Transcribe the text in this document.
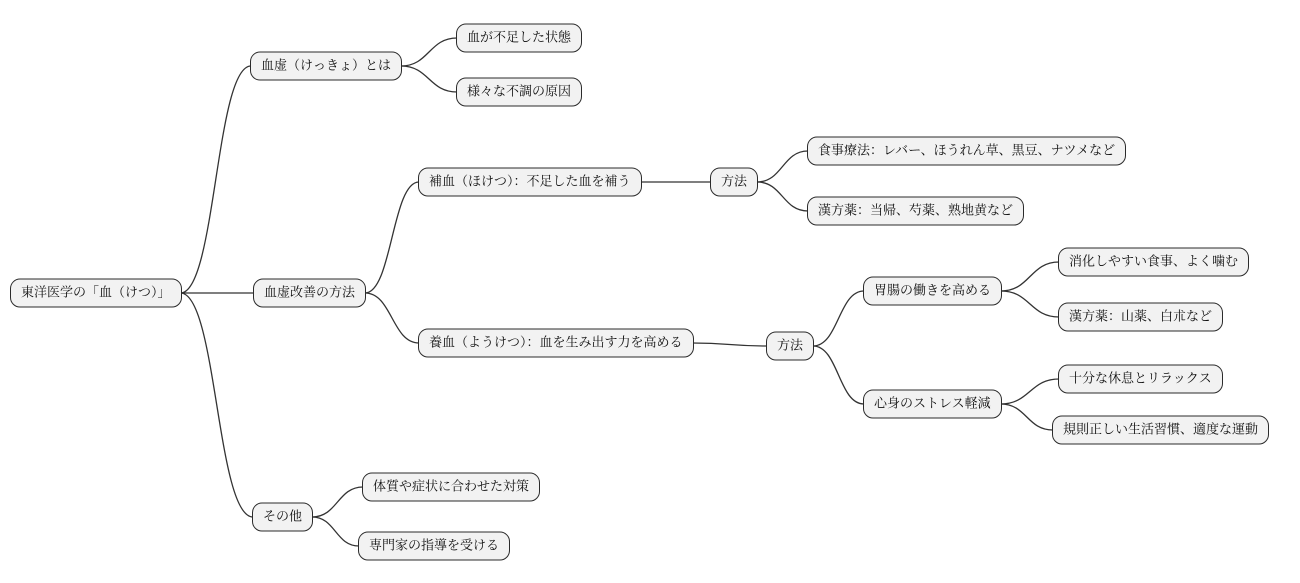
東洋医学の「血（けつ）」
血虚（けっきょ）とは
血が不足した状態
様々な不調の原因
血虚改善の方法
補血（ほけつ）：不足した血を補う	方法
食事療法：レバー、ほうれん草、黒豆、ナツメなど
漢方薬：当帰、芍薬、熟地黄など
養血（ようけつ）：血を生み出す力を高める	方法
胃腸の働きを高める
消化しやすい食事、よく噛む
漢方薬：山薬、白朮など
心身のストレス軽減
十分な休息とリラックス
規則正しい生活習慣、適度な運動
その他
体質や症状に合わせた対策
専門家の指導を受ける
